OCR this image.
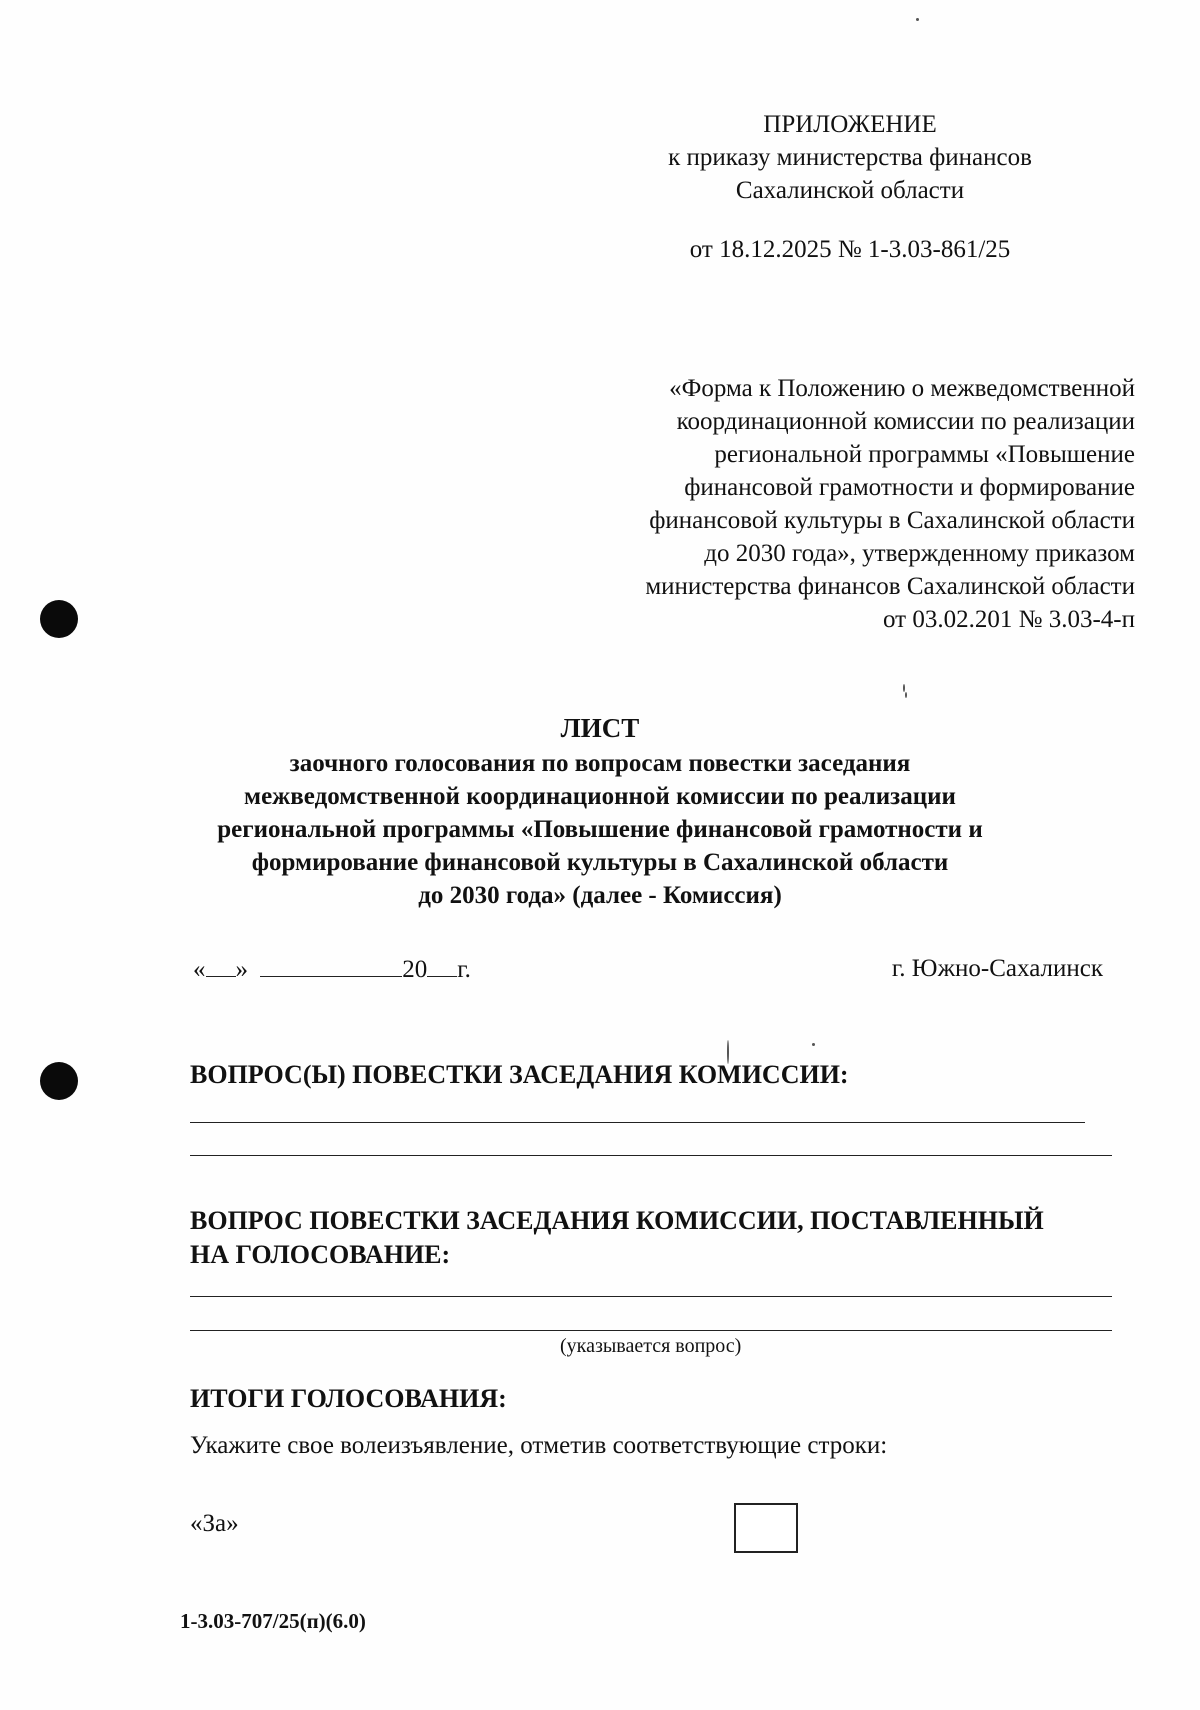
ПРИЛОЖЕНИЕ
к приказу министерства финансов
Сахалинской области
от 18.12.2025 № 1-3.03-861/25
«Форма к Положению о межведомственной
координационной комиссии по реализации
региональной программы «Повышение
финансовой грамотности и формирование
финансовой культуры в Сахалинской области
до 2030 года», утвержденному приказом
министерства финансов Сахалинской области
от 03.02.201 № 3.03-4-п
ЛИСТ
заочного голосования по вопросам повестки заседания
межведомственной координационной комиссии по реализации
региональной программы «Повышение финансовой грамотности и
формирование финансовой культуры в Сахалинской области
до 2030 года» (далее - Комиссия)
« »	20 г.	г. Южно-Сахалинск
ВОПРОС(Ы) ПОВЕСТКИ ЗАСЕДАНИЯ КОМИССИИ:
ВОПРОС ПОВЕСТКИ ЗАСЕДАНИЯ КОМИССИИ, ПОСТАВЛЕННЫЙ
НА ГОЛОСОВАНИЕ:
(указывается вопрос)
ИТОГИ ГОЛОСОВАНИЯ:
Укажите свое волеизъявление, отметив соответствующие строки:
«За»
1-3.03-707/25(п)(6.0)
